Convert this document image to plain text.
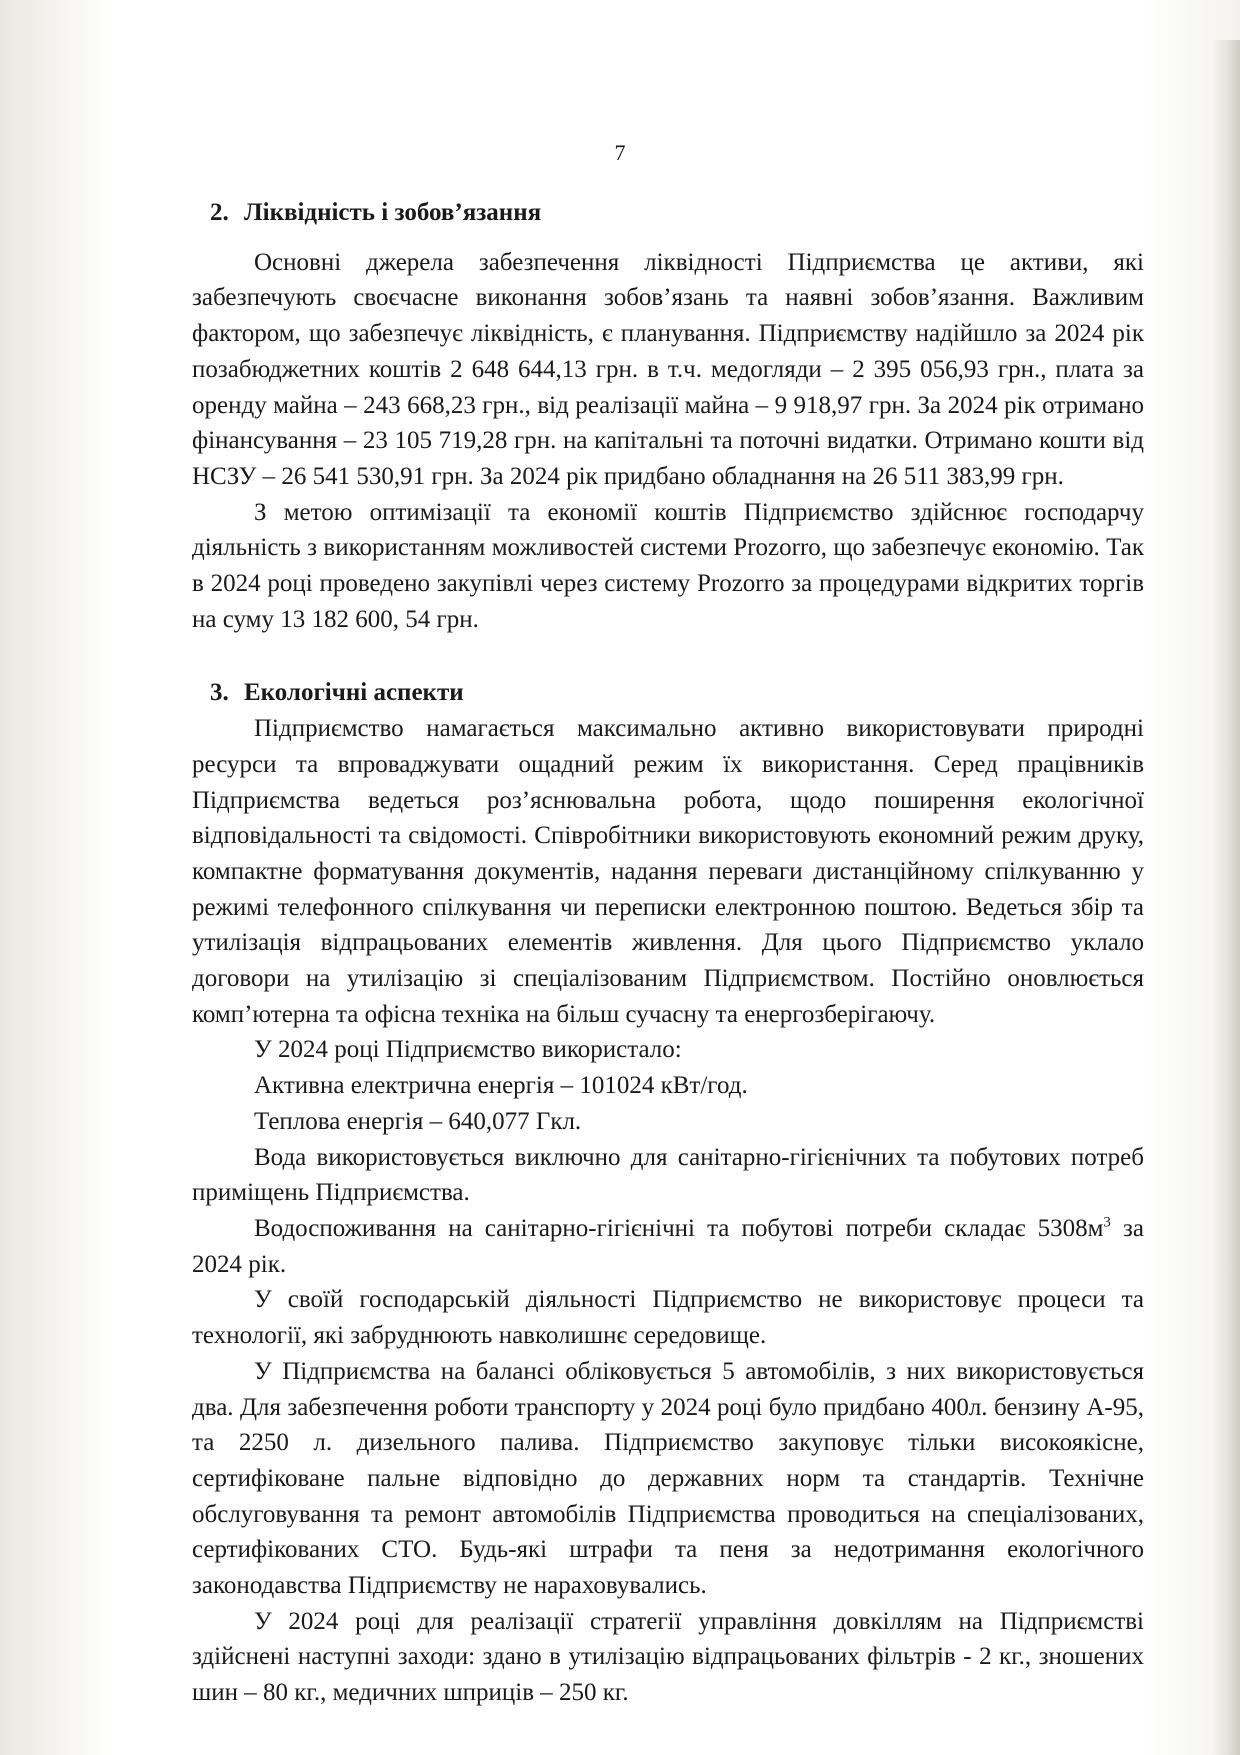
7
2. Ліквідність і зобов’язання

Основні джерела забезпечення ліквідності Підприємства це активи, які забезпечують своєчасне виконання зобов’язань та наявні зобов’язання. Важливим фактором, що забезпечує ліквідність, є планування. Підприємству надійшло за 2024 рік позабюджетних коштів 2 648 644,13 грн. в т.ч. медогляди – 2 395 056,93 грн., плата за оренду майна – 243 668,23 грн., від реалізації майна – 9 918,97 грн. За 2024 рік отримано фінансування – 23 105 719,28 грн. на капітальні та поточні видатки. Отримано кошти від НСЗУ – 26 541 530,91 грн. За 2024 рік придбано обладнання на 26 511 383,99 грн.

З метою оптимізації та економії коштів Підприємство здійснює господарчу діяльність з використанням можливостей системи Prozorro, що забезпечує економію. Так в 2024 році проведено закупівлі через систему Prozorro за процедурами відкритих торгів на суму 13 182 600, 54 грн.

3. Екологічні аспекти

Підприємство намагається максимально активно використовувати природні ресурси та впроваджувати ощадний режим їх використання. Серед працівників Підприємства ведеться роз’яснювальна робота, щодо поширення екологічної відповідальності та свідомості. Співробітники використовують економний режим друку, компактне форматування документів, надання переваги дистанційному спілкуванню у режимі телефонного спілкування чи переписки електронною поштою. Ведеться збір та утилізація відпрацьованих елементів живлення. Для цього Підприємство уклало договори на утилізацію зі спеціалізованим Підприємством. Постійно оновлюється комп’ютерна та офісна техніка на більш сучасну та енергозберігаючу.

У 2024 році Підприємство використало:

Активна електрична енергія – 101024 кВт/год.

Теплова енергія – 640,077 Гкл.

Вода використовується виключно для санітарно-гігієнічних та побутових потреб приміщень Підприємства.

Водоспоживання на санітарно-гігієнічні та побутові потреби складає $5308м^3$ за 2024 рік.

У своїй господарській діяльності Підприємство не використовує процеси та технології, які забруднюють навколишнє середовище.

У Підприємства на балансі обліковується 5 автомобілів, з них використовується два. Для забезпечення роботи транспорту у 2024 році було придбано 400л. бензину А-95, та 2250 л. дизельного палива. Підприємство закуповує тільки високоякісне, сертифіковане пальне відповідно до державних норм та стандартів. Технічне обслуговування та ремонт автомобілів Підприємства проводиться на спеціалізованих, сертифікованих СТО. Будь-які штрафи та пеня за недотримання екологічного законодавства Підприємству не нараховувались.

У 2024 році для реалізації стратегії управління довкіллям на Підприємстві здійснені наступні заходи: здано в утилізацію відпрацьованих фільтрів - 2 кг., зношених шин – 80 кг., медичних шприців – 250 кг.
